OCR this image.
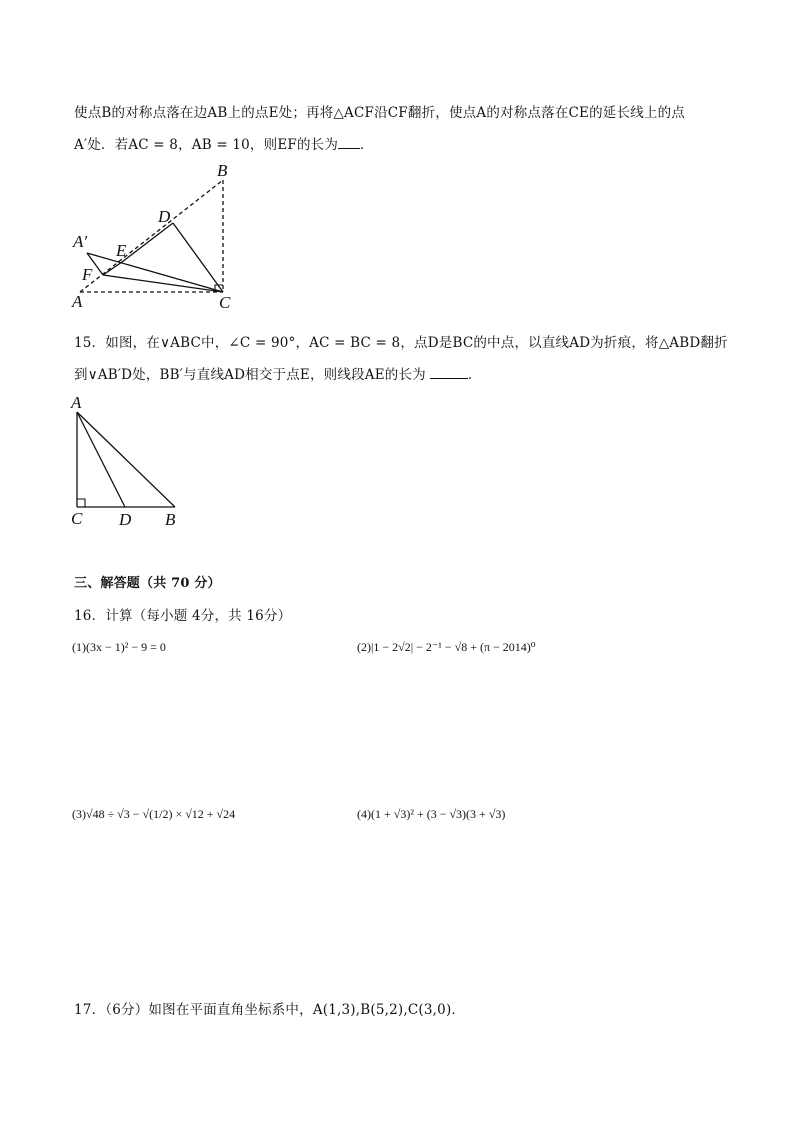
使点B的对称点落在边AB上的点E处；再将△ACF沿CF翻折，使点A的对称点落在CE的延长线上的点
A′处．若AC = 8，AB = 10，则EF的长为 ．
B
D
A′ E
F
A	C
15．如图，在∨ABC中，∠C = 90°，AC = BC = 8，点D是BC的中点，以直线AD为折痕，将△ABD翻折
到∨AB′D处，BB′与直线AD相交于点E，则线段AE的长为	．
A
C D B
三、解答题（共 70 分）
16．计算（每小题 4分，共 16分）
(1)(3x − 1)² − 9 = 0	(2)|1 − 2√2| − 2⁻¹ − √8 + (π − 2014)⁰
(3)√48 ÷ √3 − √(1/2) × √12 + √24	(4)(1 + √3)² + (3 − √3)(3 + √3)
17．（6分）如图在平面直角坐标系中，A(1,3),B(5,2),C(3,0)．
